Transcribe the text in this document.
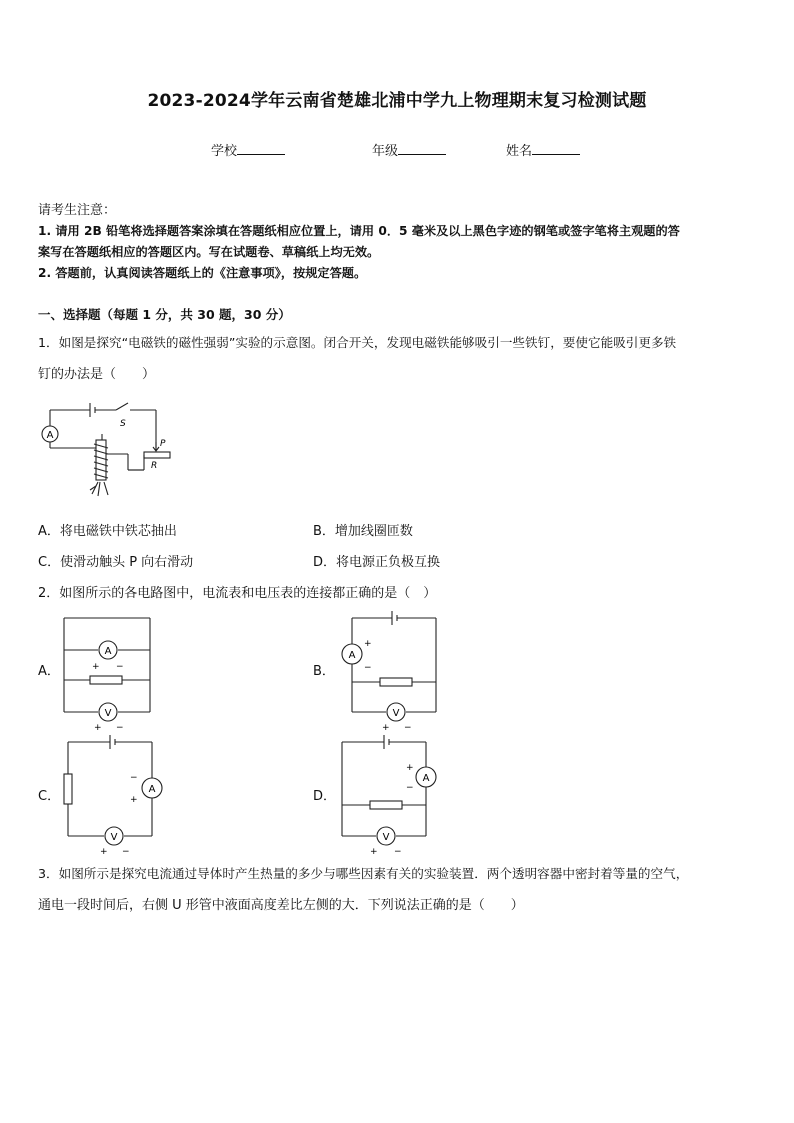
2023-2024学年云南省楚雄北浦中学九上物理期末复习检测试题
学校	年级	姓名
请考生注意：
1. 请用 2B 铅笔将选择题答案涂填在答题纸相应位置上，请用 0．5 毫米及以上黑色字迹的钢笔或签字笔将主观题的答
案写在答题纸相应的答题区内。写在试题卷、草稿纸上均无效。
2. 答题前，认真阅读答题纸上的《注意事项》，按规定答题。
一、选择题（每题 1 分，共 30 题，30 分）
1．如图是探究“电磁铁的磁性强弱”实验的示意图。闭合开关，发现电磁铁能够吸引一些铁钉，要使它能吸引更多铁
钉的办法是（　　）
A
S
P
R
A．将电磁铁中铁芯抽出	B．增加线圈匝数
C．使滑动触头 P 向右滑动	D．将电源正负极互换
2．如图所示的各电路图中，电流表和电压表的连接都正确的是（　）
A．
A
V
+ −
+ −
B．
A
V
+
−
+ −
C．	A
V
−
+
+ −
D．
A
V
+
−
+ −
3．如图所示是探究电流通过导体时产生热量的多少与哪些因素有关的实验装置．两个透明容器中密封着等量的空气，
通电一段时间后，右侧 U 形管中液面高度差比左侧的大．下列说法正确的是（　　）
